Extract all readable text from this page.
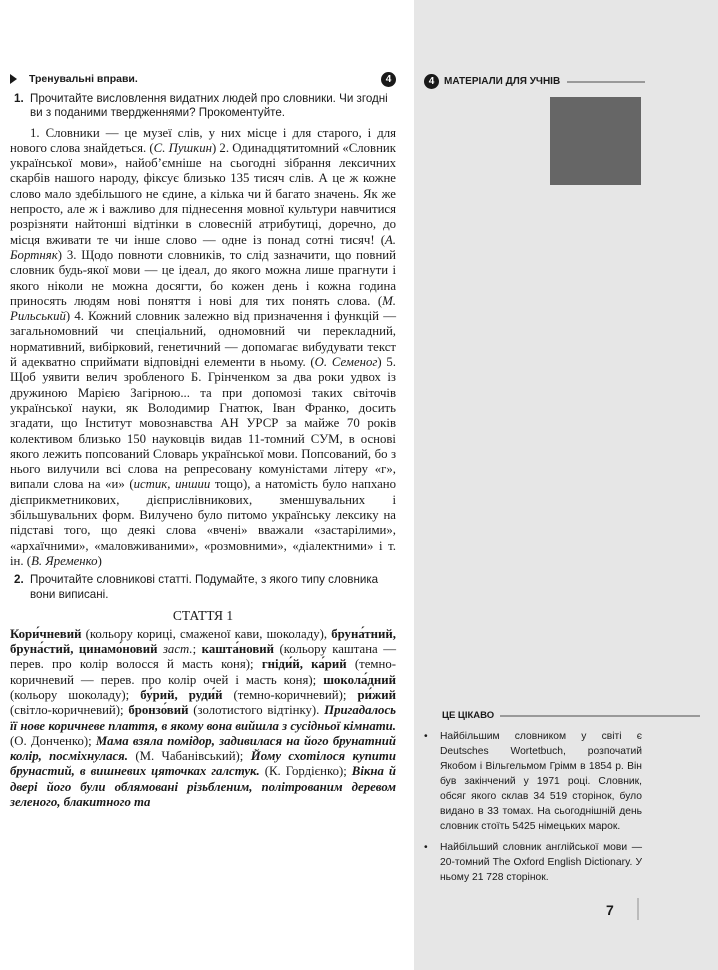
Тренувальні вправи.	4
1. Прочитайте висловлення видатних людей про словники. Чи згодні ви з поданими твердженнями? Прокоментуйте.
1. Словники — це музеї слів, у них місце і для старого, і для нового слова знайдеться. (С. Пушкин) 2. Одинадцятитомний «Словник української мови», найоб’ємніше на сьогодні зібрання лексичних скарбів нашого народу, фіксує близько 135 тисяч слів. А це ж кожне слово мало здебільшого не єдине, а кілька чи й багато значень. Як же непросто, але ж і важливо для піднесення мовної культури навчитися розрізняти найтонші відтінки в словесній атрибутиці, доречно, до місця вживати те чи інше слово — одне із понад сотні тисяч! (А. Бортняк) 3. Щодо повноти словників, то слід зазначити, що повний словник будь-якої мови — це ідеал, до якого можна лише прагнути і якого ніколи не можна досягти, бо кожен день і кожна година приносять людям нові поняття і нові для тих понять слова. (М. Рильський) 4. Кожний словник залежно від призначення і функцій — загальномовний чи спеціальний, одномовний чи перекладний, нормативний, вибірковий, генетичний — допомагає вибудувати текст й адекватно сприймати відповідні елементи в ньому. (О. Семеног) 5. Щоб уявити велич зробленого Б. Грінченком за два роки удвох із дружиною Марією Загірною... та при допомозі таких світочів української науки, як Володимир Гнатюк, Іван Франко, досить згадати, що Інститут мовознавства АН УРСР за майже 70 років колективом близько 150 науковців видав 11-томний СУМ, в основі якого лежить попсований Словарь української мови. Попсований, бо з нього вилучили всі слова на репресовану комуністами літеру «г», випали слова на «и» (истик, иншии тощо), а натомість було напхано дієприкметникових, дієприслівникових, зменшувальних і збільшувальних форм. Вилучено було питомо українську лексику на підставі того, що деякі слова «вчені» вважали «застарілими», «архаїчними», «маловживаними», «розмовними», «діалектними» і т. ін. (В. Яременко)
2. Прочитайте словникові статті. Подумайте, з якого типу словника вони виписані.
СТАТТЯ 1
Кори́чневий (кольору кориці, смаженої кави, шоколаду), бруна́тний, бруна́стий, цинамо́новий заст.; кашта́новий (кольору каштана — перев. про колір волосся й масть коня); гніди́й, ка́рий (темно-коричневий — перев. про колір очей і масть коня); шокола́дний (кольору шоколаду); бу́рий, руди́й (темно-коричневий); ри́жий (світло-коричневий); бронзо́вий (золотистого відтінку). Пригадалось її нове коричневе плаття, в якому вона вийшла з сусідньої кімнати. (О. Донченко); Мама взяла помідор, задивилася на його брунатний колір, посміхнулася. (М. Чабанівський); Йому схотілося купити брунастий, в вишневих цяточках галстук. (К. Гордієнко); Вікна й двері його були облямовані різьбленим, політрованим деревом зеленого, блакитного та
4 МАТЕРІАЛИ ДЛЯ УЧНІВ
ЦЕ ЦІКАВО
•	Найбільшим словником у світі є Deutsches Wortetbuch, розпочатий Якобом і Вільгельмом Грімм в 1854 р. Він був закінчений у 1971 році. Словник, обсяг якого склав 34 519 сторінок, було видано в 33 томах. На сьогоднішній день словник стоїть 5425 німецьких марок.
•	Найбільший словник англійської мови — 20-томний The Oxford English Dictionary. У ньому 21 728 сторінок.
7
